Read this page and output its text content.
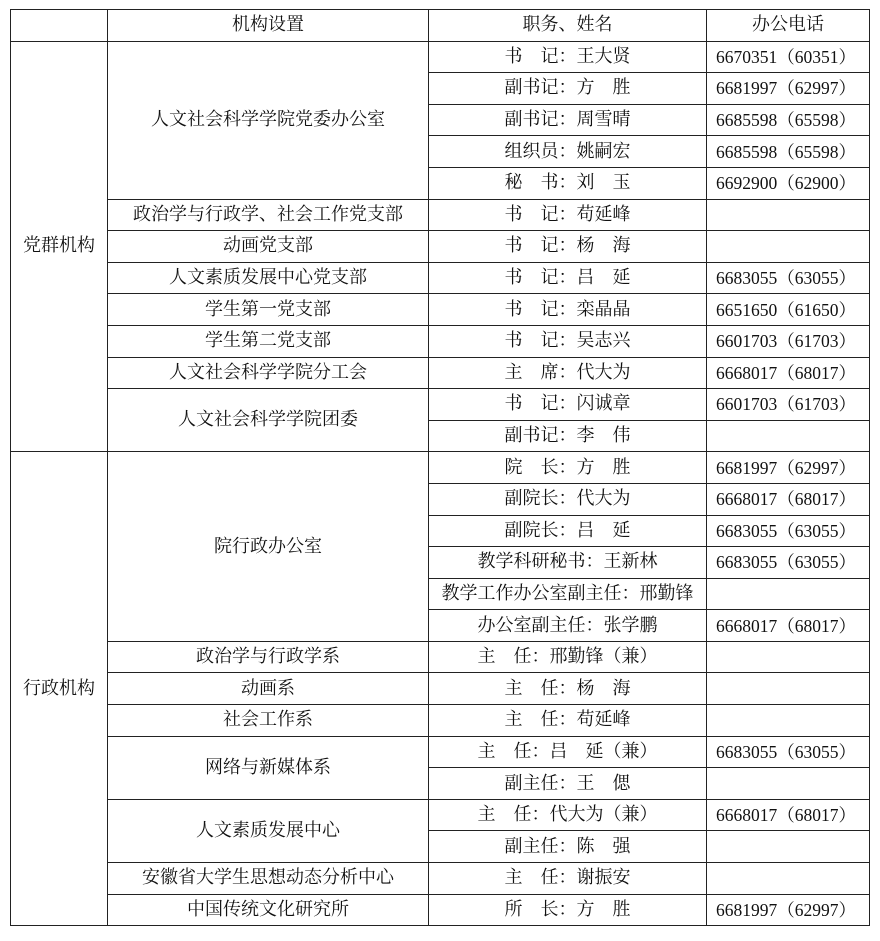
	机构设置	职务、姓名	办公电话
党群机构	人文社会科学学院党委办公室	书　记：王大贤	6670351（60351）
		副书记：方　胜	6681997（62997）
		副书记：周雪晴	6685598（65598）
		组织员：姚嗣宏	6685598（65598）
		秘　书：刘　玉	6692900（62900）
	政治学与行政学、社会工作党支部	书　记：苟延峰	
	动画党支部	书　记：杨　海	
	人文素质发展中心党支部	书　记：吕　延	6683055（63055）
	学生第一党支部	书　记：栾晶晶	6651650（61650）
	学生第二党支部	书　记：吴志兴	6601703（61703）
	人文社会科学学院分工会	主　席：代大为	6668017（68017）
	人文社会科学学院团委	书　记：闪诚章	6601703（61703）
		副书记：李　伟	
行政机构	院行政办公室	院　长：方　胜	6681997（62997）
		副院长：代大为	6668017（68017）
		副院长：吕　延	6683055（63055）
		教学科研秘书：王新林	6683055（63055）
		教学工作办公室副主任：邢勤锋	
		办公室副主任：张学鹏	6668017（68017）
	政治学与行政学系	主　任：邢勤锋（兼）	
	动画系	主　任：杨　海	
	社会工作系	主　任：苟延峰	
	网络与新媒体系	主　任：吕　延（兼）	6683055（63055）
		副主任：王　偲	
	人文素质发展中心	主　任：代大为（兼）	6668017（68017）
		副主任：陈　强	
	安徽省大学生思想动态分析中心	主　任：谢振安	
	中国传统文化研究所	所　长：方　胜	6681997（62997）
